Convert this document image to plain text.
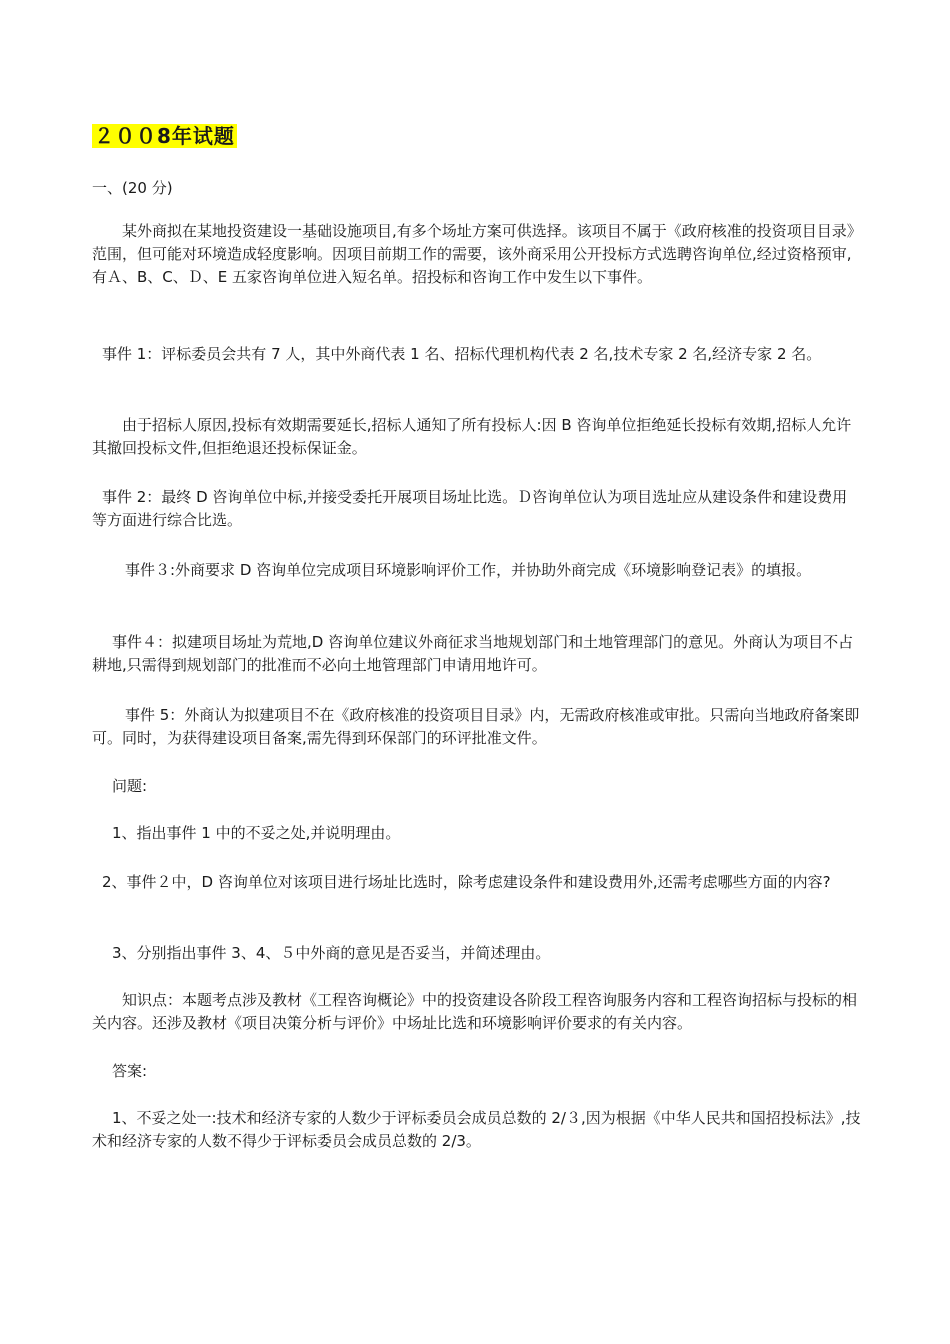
２００8年试题

一、(20 分)

某外商拟在某地投资建设一基础设施项目,有多个场址方案可供选择。该项目不属于《政府核准的投资项目目录》范围，但可能对环境造成轻度影响。因项目前期工作的需要，该外商采用公开投标方式选聘咨询单位,经过资格预审,有Ａ、B、C、Ｄ、E 五家咨询单位进入短名单。招投标和咨询工作中发生以下事件。

事件 1：评标委员会共有 7 人，其中外商代表 1 名、招标代理机构代表 2 名,技术专家 2 名,经济专家 2 名。

由于招标人原因,投标有效期需要延长,招标人通知了所有投标人:因 B 咨询单位拒绝延长投标有效期,招标人允许其撤回投标文件,但拒绝退还投标保证金。

事件 2：最终 D 咨询单位中标,并接受委托开展项目场址比选。Ｄ咨询单位认为项目选址应从建设条件和建设费用等方面进行综合比选。

事件３:外商要求 D 咨询单位完成项目环境影响评价工作，并协助外商完成《环境影响登记表》的填报。

事件４：拟建项目场址为荒地,D 咨询单位建议外商征求当地规划部门和土地管理部门的意见。外商认为项目不占耕地,只需得到规划部门的批准而不必向土地管理部门申请用地许可。

事件 5：外商认为拟建项目不在《政府核准的投资项目目录》内，无需政府核准或审批。只需向当地政府备案即可。同时，为获得建设项目备案,需先得到环保部门的环评批准文件。

问题:

1、指出事件 1 中的不妥之处,并说明理由。

2、事件２中，D 咨询单位对该项目进行场址比选时，除考虑建设条件和建设费用外,还需考虑哪些方面的内容?

3、分别指出事件 3、4、５中外商的意见是否妥当，并简述理由。

知识点：本题考点涉及教材《工程咨询概论》中的投资建设各阶段工程咨询服务内容和工程咨询招标与投标的相关内容。还涉及教材《项目决策分析与评价》中场址比选和环境影响评价要求的有关内容。

答案:

1、不妥之处一:技术和经济专家的人数少于评标委员会成员总数的 2/３,因为根据《中华人民共和国招投标法》,技术和经济专家的人数不得少于评标委员会成员总数的 2/3。
